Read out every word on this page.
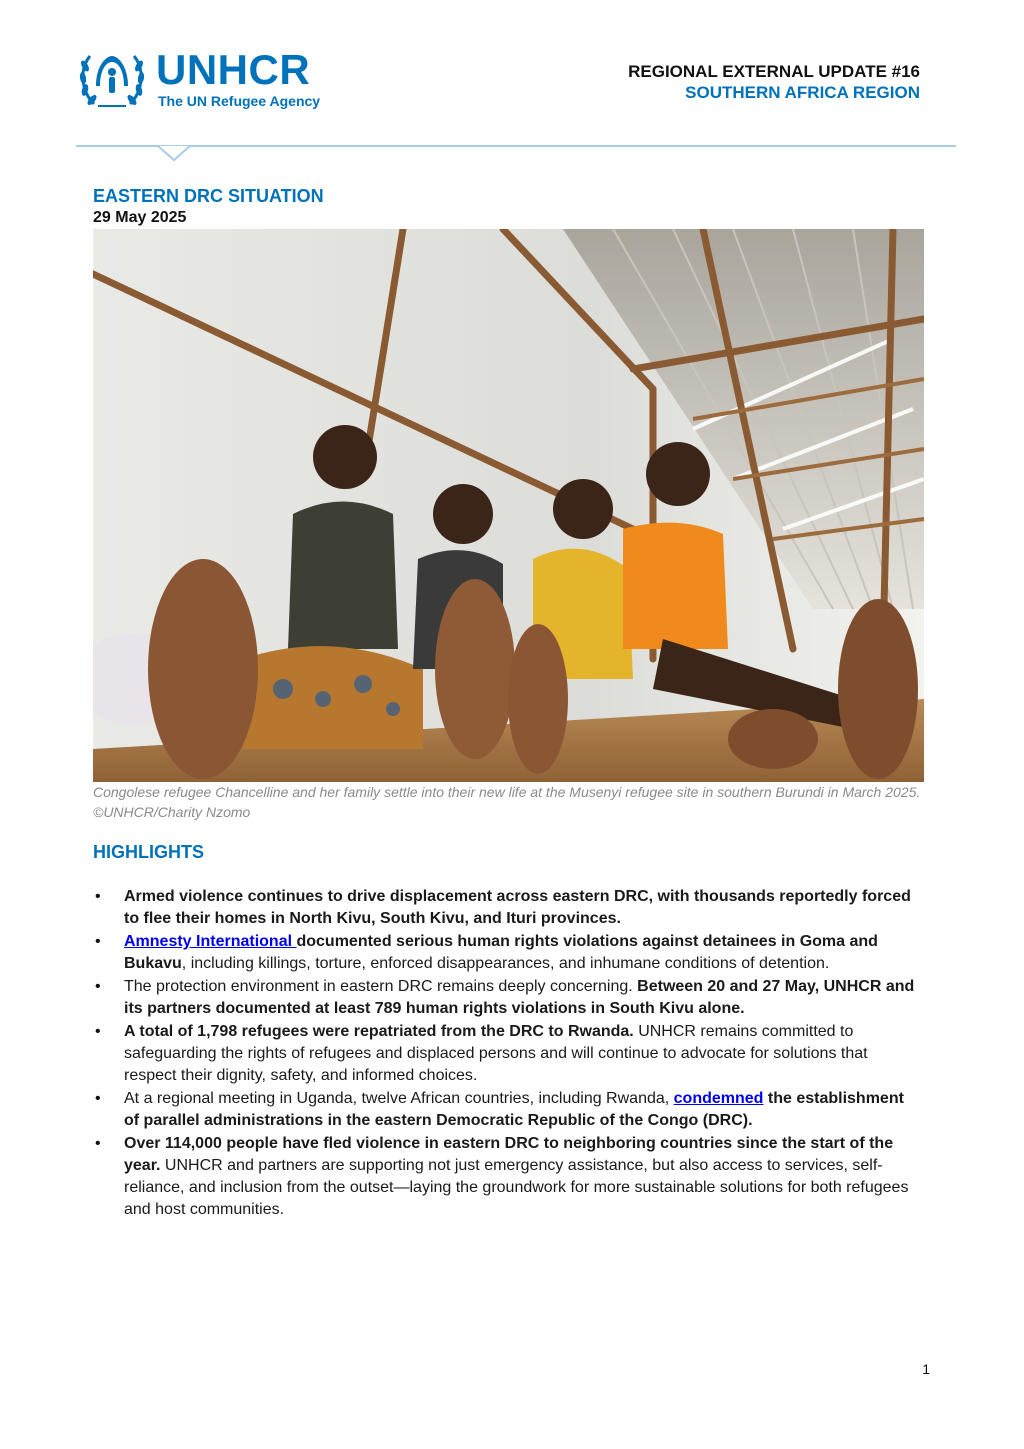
UNHCR
The UN Refugee Agency
REGIONAL EXTERNAL UPDATE #16
SOUTHERN AFRICA REGION
EASTERN DRC SITUATION
29 May 2025
Congolese refugee Chancelline and her family settle into their new life at the Musenyi refugee site in southern Burundi in March 2025. ©UNHCR/Charity Nzomo
HIGHLIGHTS
• Armed violence continues to drive displacement across eastern DRC, with thousands reportedly forced to flee their homes in North Kivu, South Kivu, and Ituri provinces.
• Amnesty International documented serious human rights violations against detainees in Goma and Bukavu, including killings, torture, enforced disappearances, and inhumane conditions of detention.
• The protection environment in eastern DRC remains deeply concerning. Between 20 and 27 May, UNHCR and its partners documented at least 789 human rights violations in South Kivu alone.
• A total of 1,798 refugees were repatriated from the DRC to Rwanda. UNHCR remains committed to safeguarding the rights of refugees and displaced persons and will continue to advocate for solutions that respect their dignity, safety, and informed choices.
• At a regional meeting in Uganda, twelve African countries, including Rwanda, condemned the establishment of parallel administrations in the eastern Democratic Republic of the Congo (DRC).
• Over 114,000 people have fled violence in eastern DRC to neighboring countries since the start of the year. UNHCR and partners are supporting not just emergency assistance, but also access to services, self-reliance, and inclusion from the outset—laying the groundwork for more sustainable solutions for both refugees and host communities.
1
